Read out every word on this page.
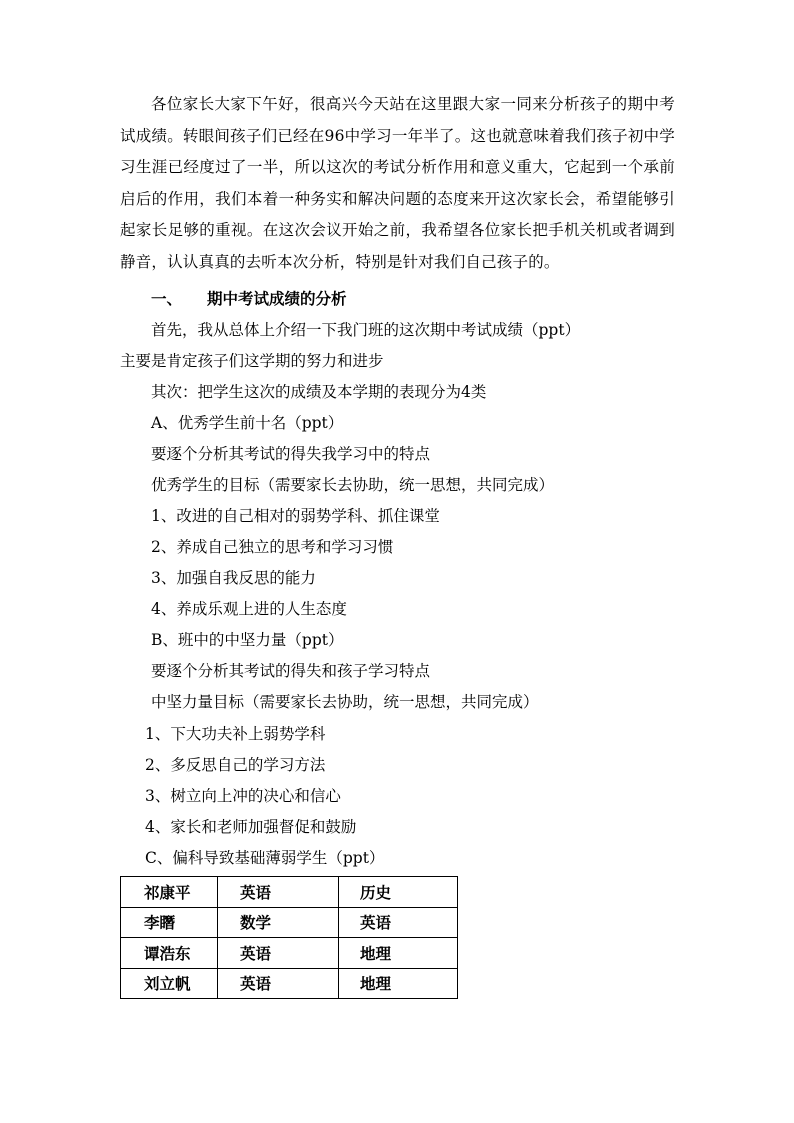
各位家长大家下午好，很高兴今天站在这里跟大家一同来分析孩子的期中考试成绩。转眼间孩子们已经在96中学习一年半了。这也就意味着我们孩子初中学习生涯已经度过了一半，所以这次的考试分析作用和意义重大，它起到一个承前启后的作用，我们本着一种务实和解决问题的态度来开这次家长会，希望能够引起家长足够的重视。在这次会议开始之前，我希望各位家长把手机关机或者调到静音，认认真真的去听本次分析，特别是针对我们自己孩子的。

一、 期中考试成绩的分析

首先，我从总体上介绍一下我门班的这次期中考试成绩（ppt）

主要是肯定孩子们这学期的努力和进步

其次：把学生这次的成绩及本学期的表现分为4类

A、优秀学生前十名（ppt）

要逐个分析其考试的得失我学习中的特点

优秀学生的目标（需要家长去协助，统一思想，共同完成）

1、改进的自己相对的弱势学科、抓住课堂

2、养成自己独立的思考和学习习惯

3、加强自我反思的能力

4、养成乐观上进的人生态度

B、班中的中坚力量（ppt）

要逐个分析其考试的得失和孩子学习特点

中坚力量目标（需要家长去协助，统一思想，共同完成）

1、下大功夫补上弱势学科

2、多反思自己的学习方法

3、树立向上冲的决心和信心

4、家长和老师加强督促和鼓励

C、偏科导致基础薄弱学生（ppt）

祁康平	英语	历史
李䁮	数学	英语
谭浩东	英语	地理
刘立帆	英语	地理
